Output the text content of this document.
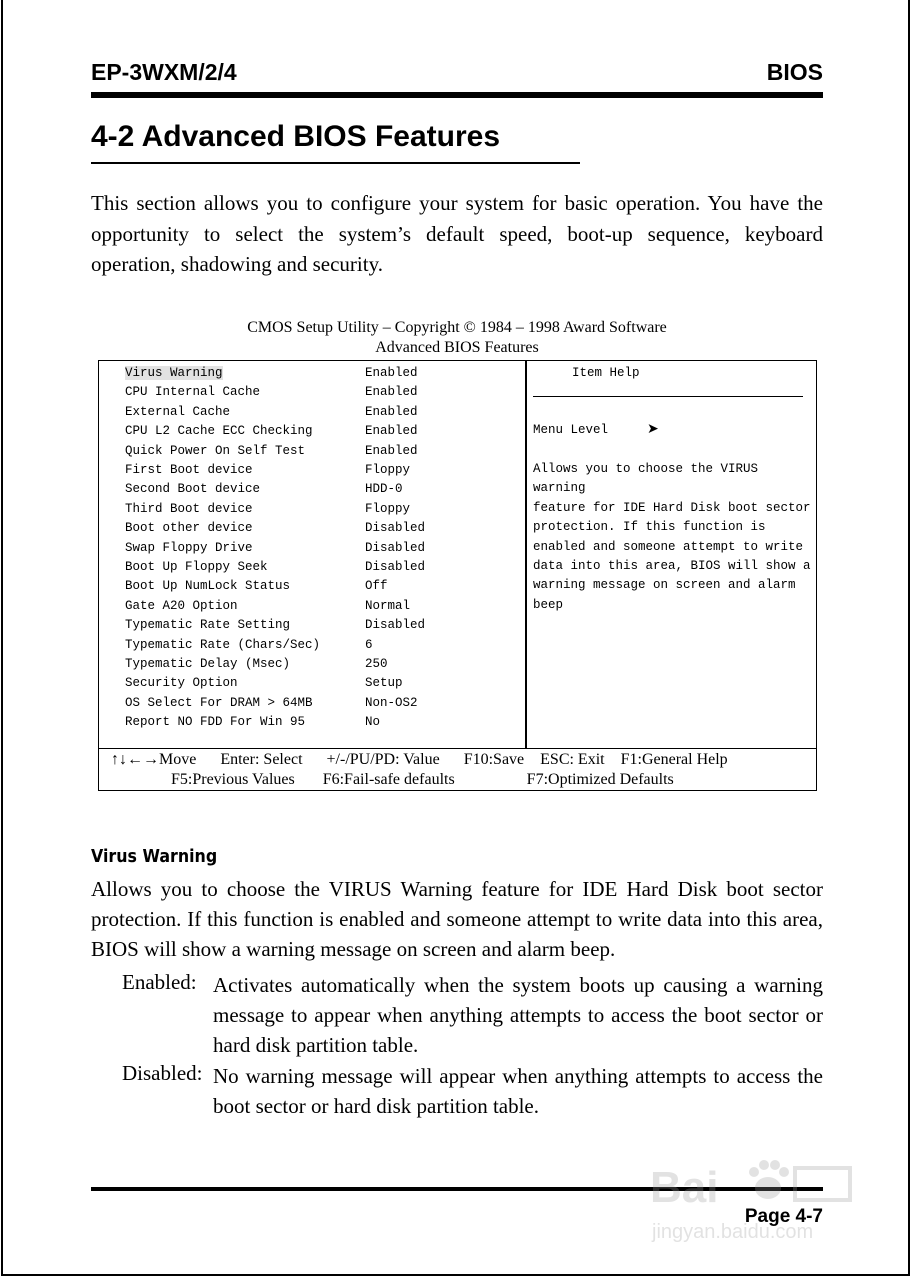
EP-3WXM/2/4	BIOS
4-2 Advanced BIOS Features
This section allows you to configure your system for basic operation. You have the opportunity to select the system’s default speed, boot-up sequence, keyboard operation, shadowing and security.
CMOS Setup Utility – Copyright © 1984 – 1998 Award Software
Advanced BIOS Features
Virus Warning	Enabled
CPU Internal Cache	Enabled
External Cache	Enabled
CPU L2 Cache ECC Checking	Enabled
Quick Power On Self Test	Enabled
First Boot device	Floppy
Second Boot device	HDD-0
Third Boot device	Floppy
Boot other device	Disabled
Swap Floppy Drive	Disabled
Boot Up Floppy Seek	Disabled
Boot Up NumLock Status	Off
Gate A20 Option	Normal
Typematic Rate Setting	Disabled
Typematic Rate (Chars/Sec)	6
Typematic Delay (Msec)	250
Security Option	Setup
OS Select For DRAM > 64MB	Non-OS2
Report NO FDD For Win 95	No
Item Help
Menu Level	➤
Allows you to choose the VIRUS warning
feature for IDE Hard Disk boot sector
protection. If this function is
enabled and someone attempt to write
data into this area, BIOS will show a
warning message on screen and alarm
beep
↑↓←→Move      Enter: Select      +/-/PU/PD: Value      F10:Save    ESC: Exit    F1:General Help
F5:Previous Values       F6:Fail-safe defaults                  F7:Optimized Defaults
Virus Warning
Allows you to choose the VIRUS Warning feature for IDE Hard Disk boot sector protection. If this function is enabled and someone attempt to write data into this area, BIOS will show a warning message on screen and alarm beep.
Enabled: Activates automatically when the system boots up causing a warning message to appear when anything attempts to access the boot sector or hard disk partition table.
Disabled: No warning message will appear when anything attempts to access the boot sector or hard disk partition table.
Page 4-7
Bai
jingyan.baidu.com
